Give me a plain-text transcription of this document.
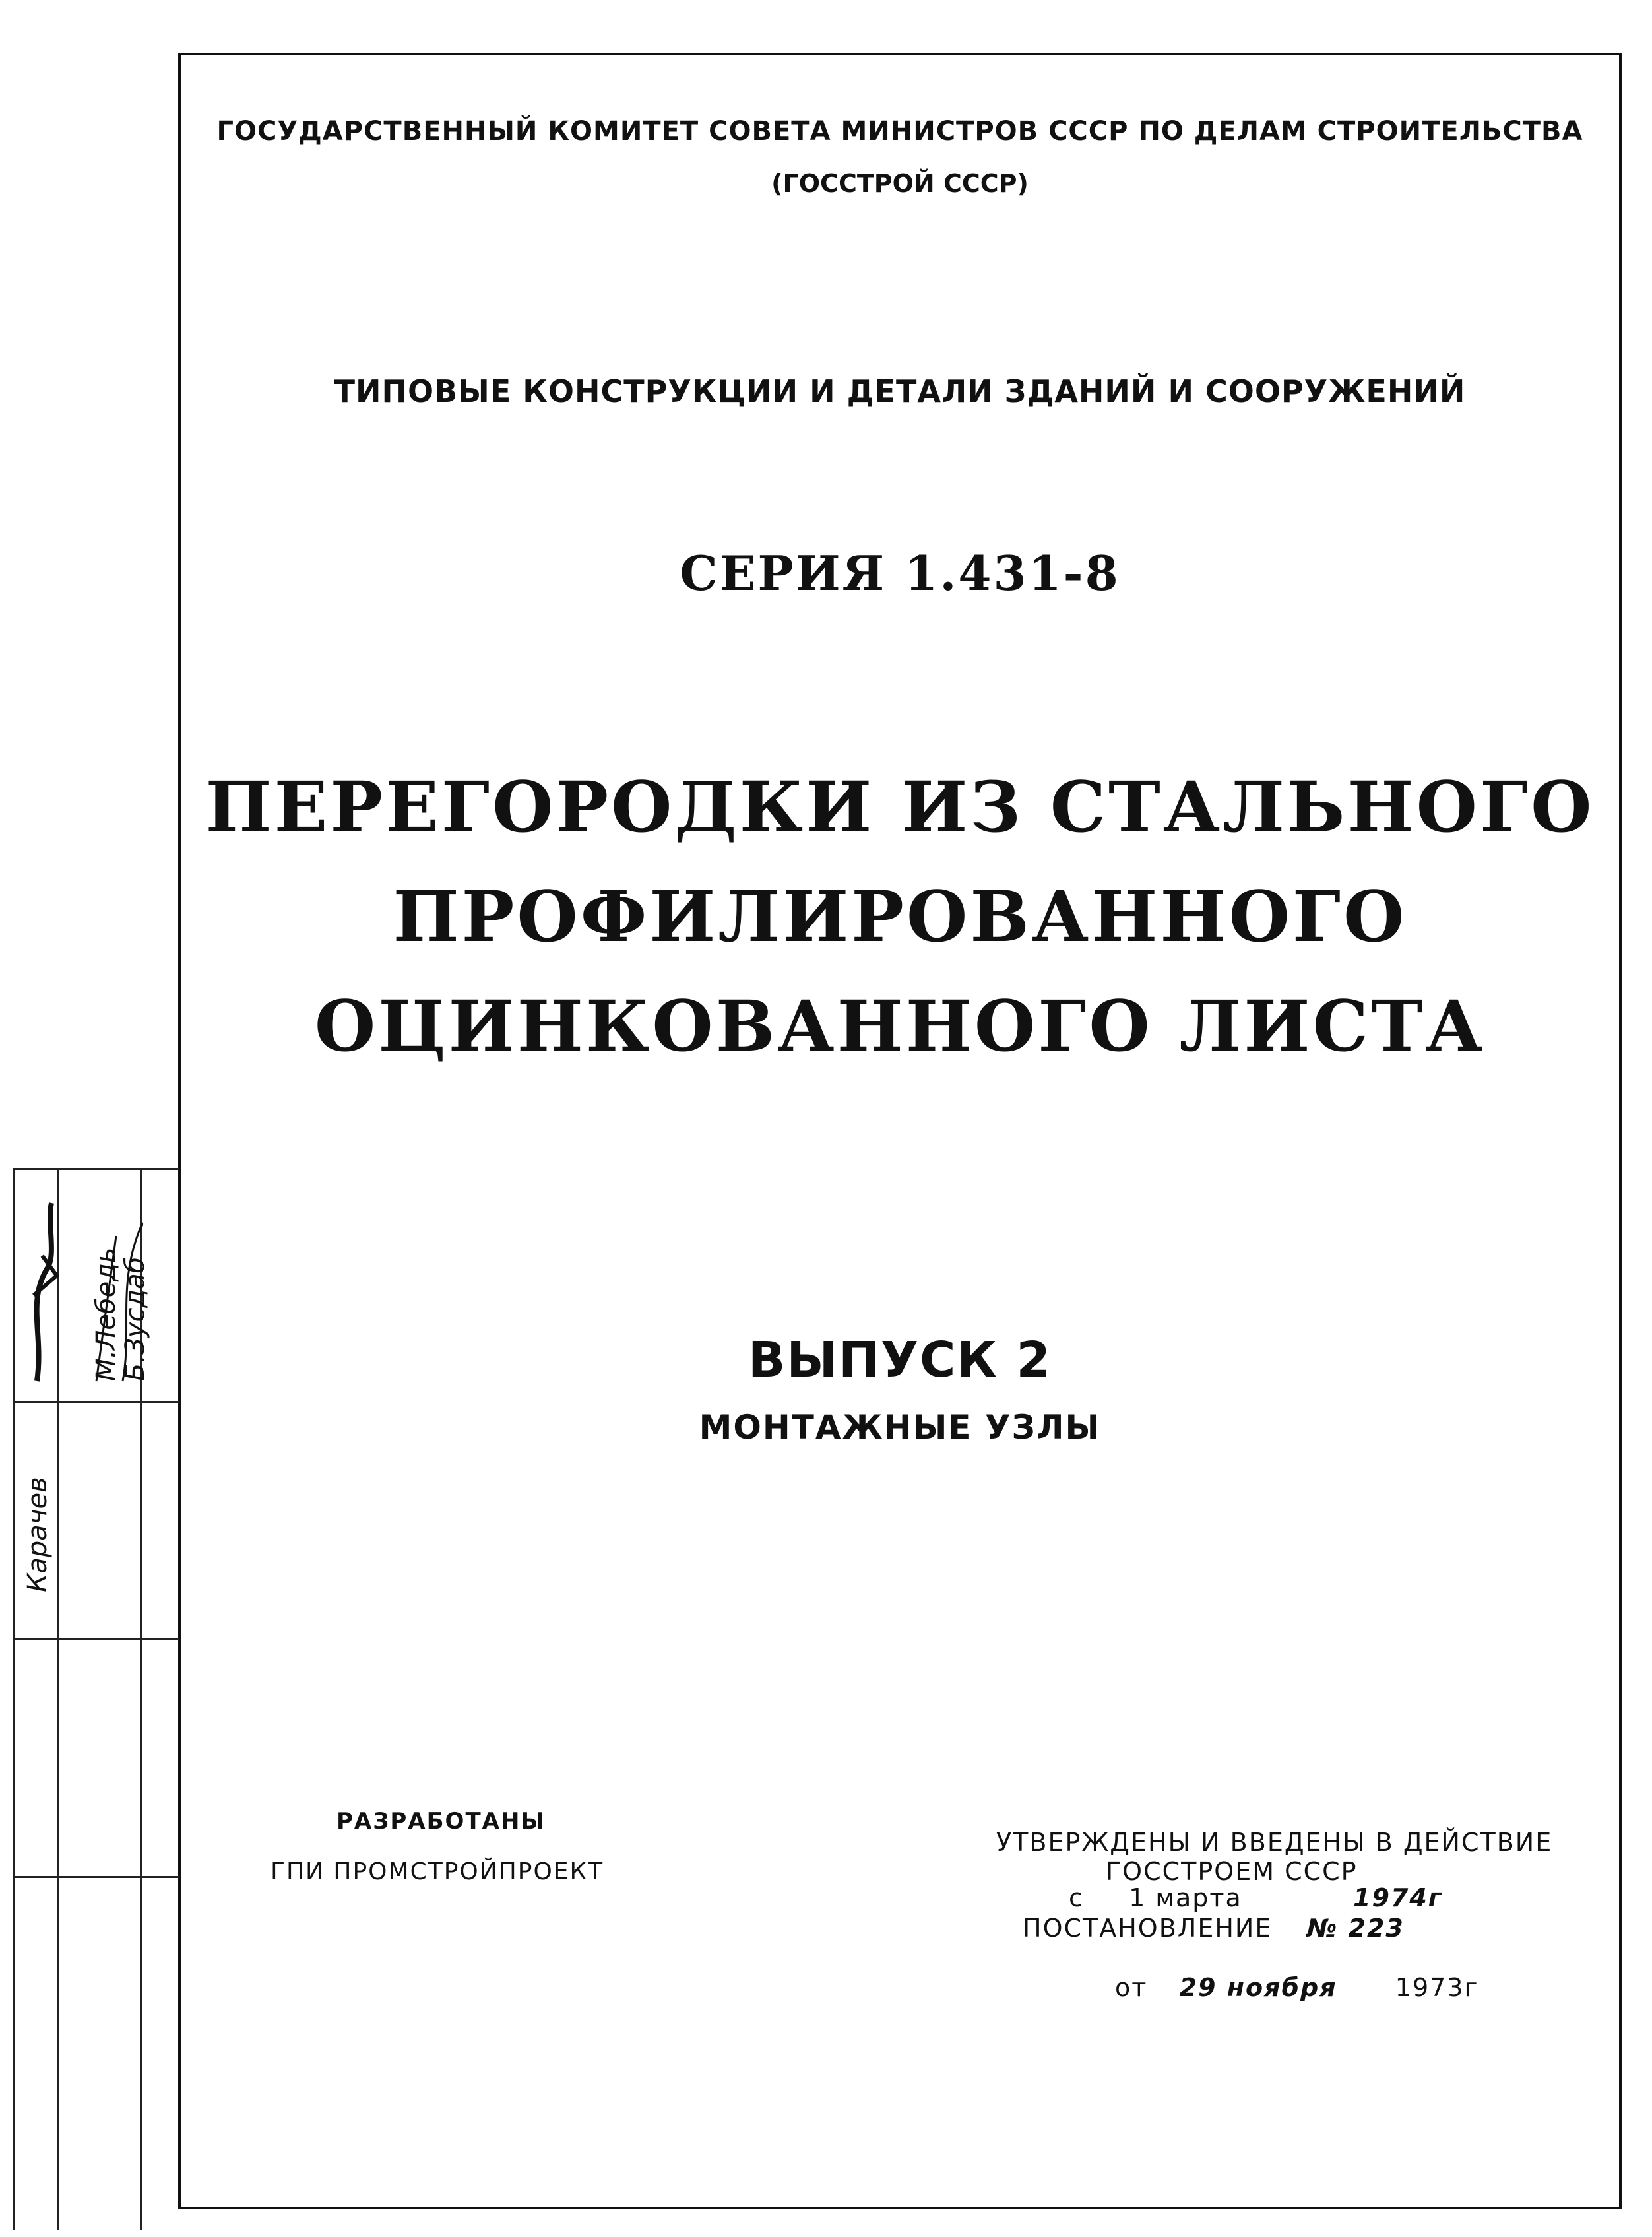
ГОСУДАРСТВЕННЫЙ КОМИТЕТ СОВЕТА МИНИСТРОВ СССР ПО ДЕЛАМ СТРОИТЕЛЬСТВА
(ГОССТРОЙ СССР)
ТИПОВЫЕ КОНСТРУКЦИИ И ДЕТАЛИ ЗДАНИЙ И СООРУЖЕНИЙ
СЕРИЯ 1.431-8
ПЕРЕГОРОДКИ ИЗ СТАЛЬНОГО
ПРОФИЛИРОВАННОГО
ОЦИНКОВАННОГО ЛИСТА
ВЫПУСК 2
МОНТАЖНЫЕ УЗЛЫ
РАЗРАБОТАНЫ
ГПИ ПРОМСТРОЙПРОЕКТ
УТВЕРЖДЕНЫ И ВВЕДЕНЫ В ДЕЙСТВИЕ
ГОССТРОЕМ СССР
с 1 марта	1974г
ПОСТАНОВЛЕНИЕ № 223
от 29 ноября 1973г
М.Лебедь
Б.Зусдаб
Карачев
